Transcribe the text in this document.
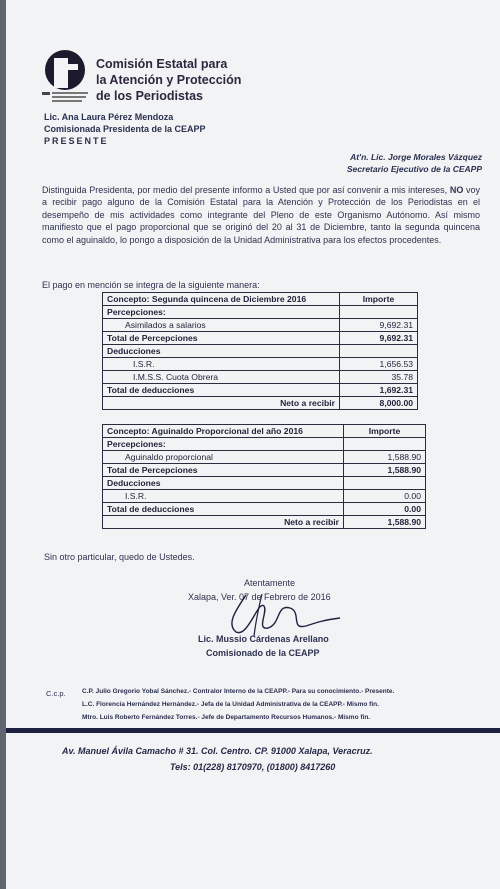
Comisión Estatal para
la Atención y Protección
de los Periodistas
Lic. Ana Laura Pérez Mendoza
Comisionada Presidenta de la CEAPP
PRESENTE
At'n. Lic. Jorge Morales Vázquez
Secretario Ejecutivo de la CEAPP
Distinguida Presidenta, por medio del presente informo a Usted que por así convenir a mis intereses, NO voy a recibir pago alguno de la Comisión Estatal para la Atención y Protección de los Periodistas en el desempeño de mis actividades como integrante del Pleno de este Organismo Autónomo. Así mismo manifiesto que el pago proporcional que se originó del 20 al 31 de Diciembre, tanto la segunda quincena como el aguinaldo, lo pongo a disposición de la Unidad Administrativa para los efectos procedentes.
El pago en mención se integra de la siguiente manera:
Concepto: Segunda quincena de Diciembre 2016	Importe
Percepciones:	
Asimilados a salarios	9,692.31
Total de Percepciones	9,692.31
Deducciones	
I.S.R.	1,656.53
I.M.S.S. Cuota Obrera	35.78
Total de deducciones	1,692.31
Neto a recibir	8,000.00
Concepto: Aguinaldo Proporcional del año 2016	Importe
Percepciones:	
Aguinaldo proporcional	1,588.90
Total de Percepciones	1,588.90
Deducciones	
I.S.R.	0.00
Total de deducciones	0.00
Neto a recibir	1,588.90
Sin otro particular, quedo de Ustedes.
Atentamente
Xalapa, Ver. 07 de Febrero de 2016
Lic. Mussio Cárdenas Arellano
Comisionado de la CEAPP
C.c.p.	C.P. Julio Gregorio Yobal Sánchez.- Contralor Interno de la CEAPP.- Para su conocimiento.- Presente.
L.C. Florencia Hernández Hernández.- Jefa de la Unidad Administrativa de la CEAPP.- Mismo fin.
Mtro. Luis Roberto Fernández Torres.- Jefe de Departamento Recursos Humanos.- Mismo fin.
Av. Manuel Ávila Camacho # 31. Col. Centro. CP. 91000 Xalapa, Veracruz.
Tels: 01(228) 8170970, (01800) 8417260
